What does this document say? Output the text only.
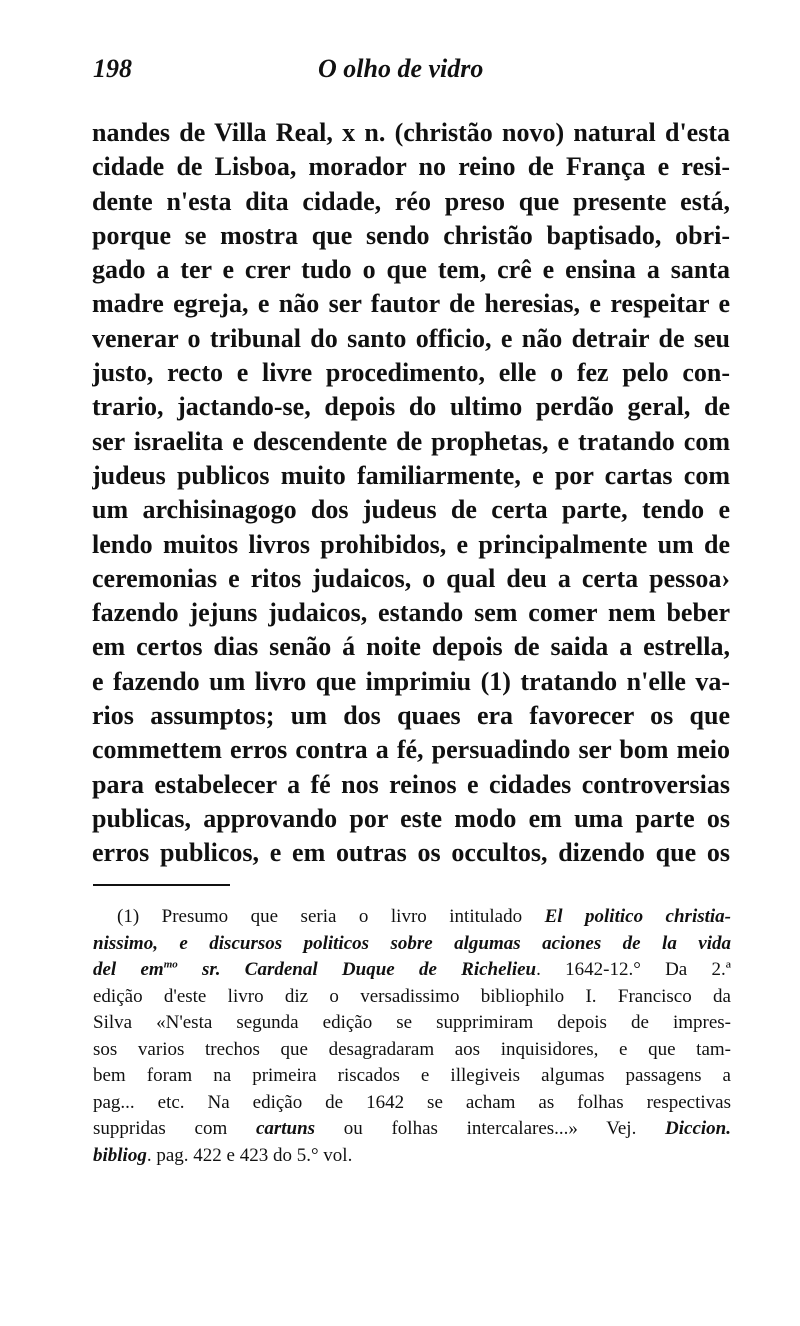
198	O olho de vidro
nandes de Villa Real, x n. (christão novo) natural d'esta
cidade de Lisboa, morador no reino de França e resi-
dente n'esta dita cidade, réo preso que presente está,
porque se mostra que sendo christão baptisado, obri-
gado a ter e crer tudo o que tem, crê e ensina a santa
madre egreja, e não ser fautor de heresias, e respeitar e
venerar o tribunal do santo officio, e não detrair de seu
justo, recto e livre procedimento, elle o fez pelo con-
trario, jactando-se, depois do ultimo perdão geral, de
ser israelita e descendente de prophetas, e tratando com
judeus publicos muito familiarmente, e por cartas com
um archisinagogo dos judeus de certa parte, tendo e
lendo muitos livros prohibidos, e principalmente um de
ceremonias e ritos judaicos, o qual deu a certa pessoa›
fazendo jejuns judaicos, estando sem comer nem beber
em certos dias senão á noite depois de saida a estrella,
e fazendo um livro que imprimiu (1) tratando n'elle va-
rios assumptos; um dos quaes era favorecer os que
commettem erros contra a fé, persuadindo ser bom meio
para estabelecer a fé nos reinos e cidades controversias
publicas, approvando por este modo em uma parte os
erros publicos, e em outras os occultos, dizendo que os
(1) Presumo que seria o livro intitulado El politico christia-
nissimo, e discursos politicos sobre algumas aciones de la vida
del $em^{mo}$ sr. Cardenal Duque de Richelieu. 1642-12.° Da 2.ª
edição d'este livro diz o versadissimo bibliophilo I. Francisco da
Silva «N'esta segunda edição se supprimiram depois de impres-
sos varios trechos que desagradaram aos inquisidores, e que tam-
bem foram na primeira riscados e illegiveis algumas passagens a
pag... etc. Na edição de 1642 se acham as folhas respectivas
suppridas com cartuns ou folhas intercalares...» Vej. Diccion.
bibliog. pag. 422 e 423 do 5.° vol.
